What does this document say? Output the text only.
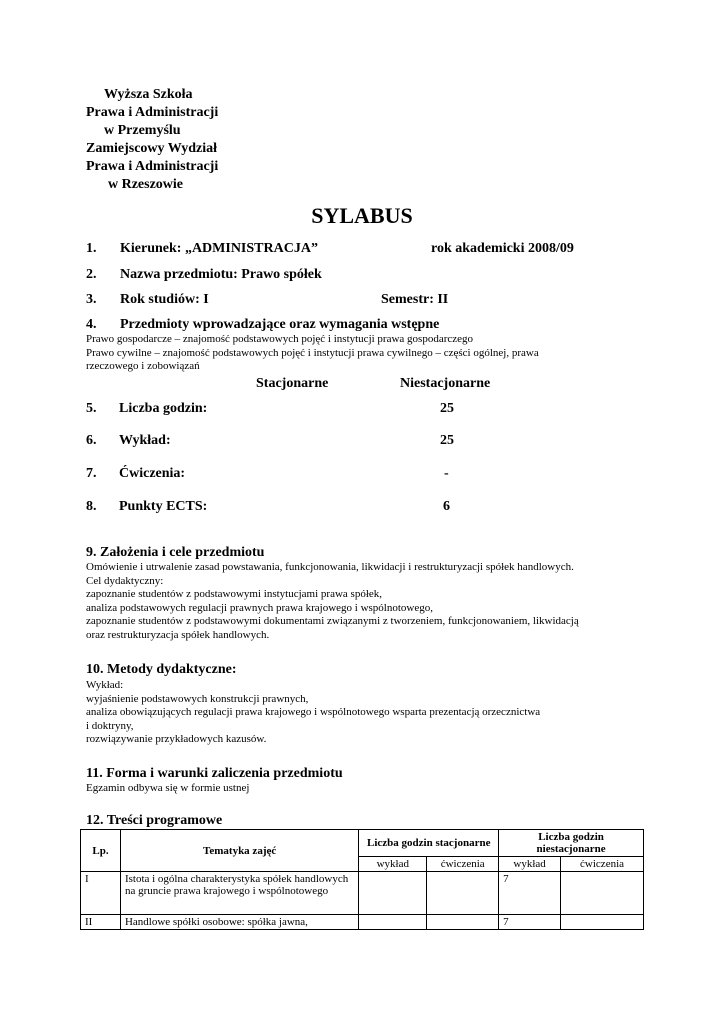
Wyższa Szkoła
Prawa i Administracji
w Przemyślu
Zamiejscowy Wydział
Prawa i Administracji
w Rzeszowie
SYLABUS
1. Kierunek: „ADMINISTRACJA”	rok akademicki 2008/09
2. Nazwa przedmiotu: Prawo spółek
3. Rok studiów: I	Semestr: II
4. Przedmioty wprowadzające oraz wymagania wstępne
Prawo gospodarcze – znajomość podstawowych pojęć i instytucji prawa gospodarczego
Prawo cywilne – znajomość podstawowych pojęć i instytucji prawa cywilnego – części ogólnej, prawa
rzeczowego i zobowiązań
Stacjonarne	Niestacjonarne
5. Liczba godzin:	25
6. Wykład:	25
7. Ćwiczenia:	-
8. Punkty ECTS:	6
9. Założenia i cele przedmiotu
Omówienie i utrwalenie zasad powstawania, funkcjonowania, likwidacji i restrukturyzacji spółek handlowych.
Cel dydaktyczny:
zapoznanie studentów z podstawowymi instytucjami prawa spółek,
analiza podstawowych regulacji prawnych prawa krajowego i wspólnotowego,
zapoznanie studentów z podstawowymi dokumentami związanymi z tworzeniem, funkcjonowaniem, likwidacją
oraz restrukturyzacja spółek handlowych.
10. Metody dydaktyczne:
Wykład:
wyjaśnienie podstawowych konstrukcji prawnych,
analiza obowiązujących regulacji prawa krajowego i wspólnotowego wsparta prezentacją orzecznictwa
i doktryny,
rozwiązywanie przykładowych kazusów.
11. Forma i warunki zaliczenia przedmiotu
Egzamin odbywa się w formie ustnej
12. Treści programowe
Lp.	Tematyka zajęć	Liczba godzin stacjonarne		Liczba godzin niestacjonarne	
		wykład	ćwiczenia	wykład	ćwiczenia
I	Istota i ogólna charakterystyka spółek handlowych na gruncie prawa krajowego i wspólnotowego			7	
II	Handlowe spółki osobowe: spółka jawna,			7	
